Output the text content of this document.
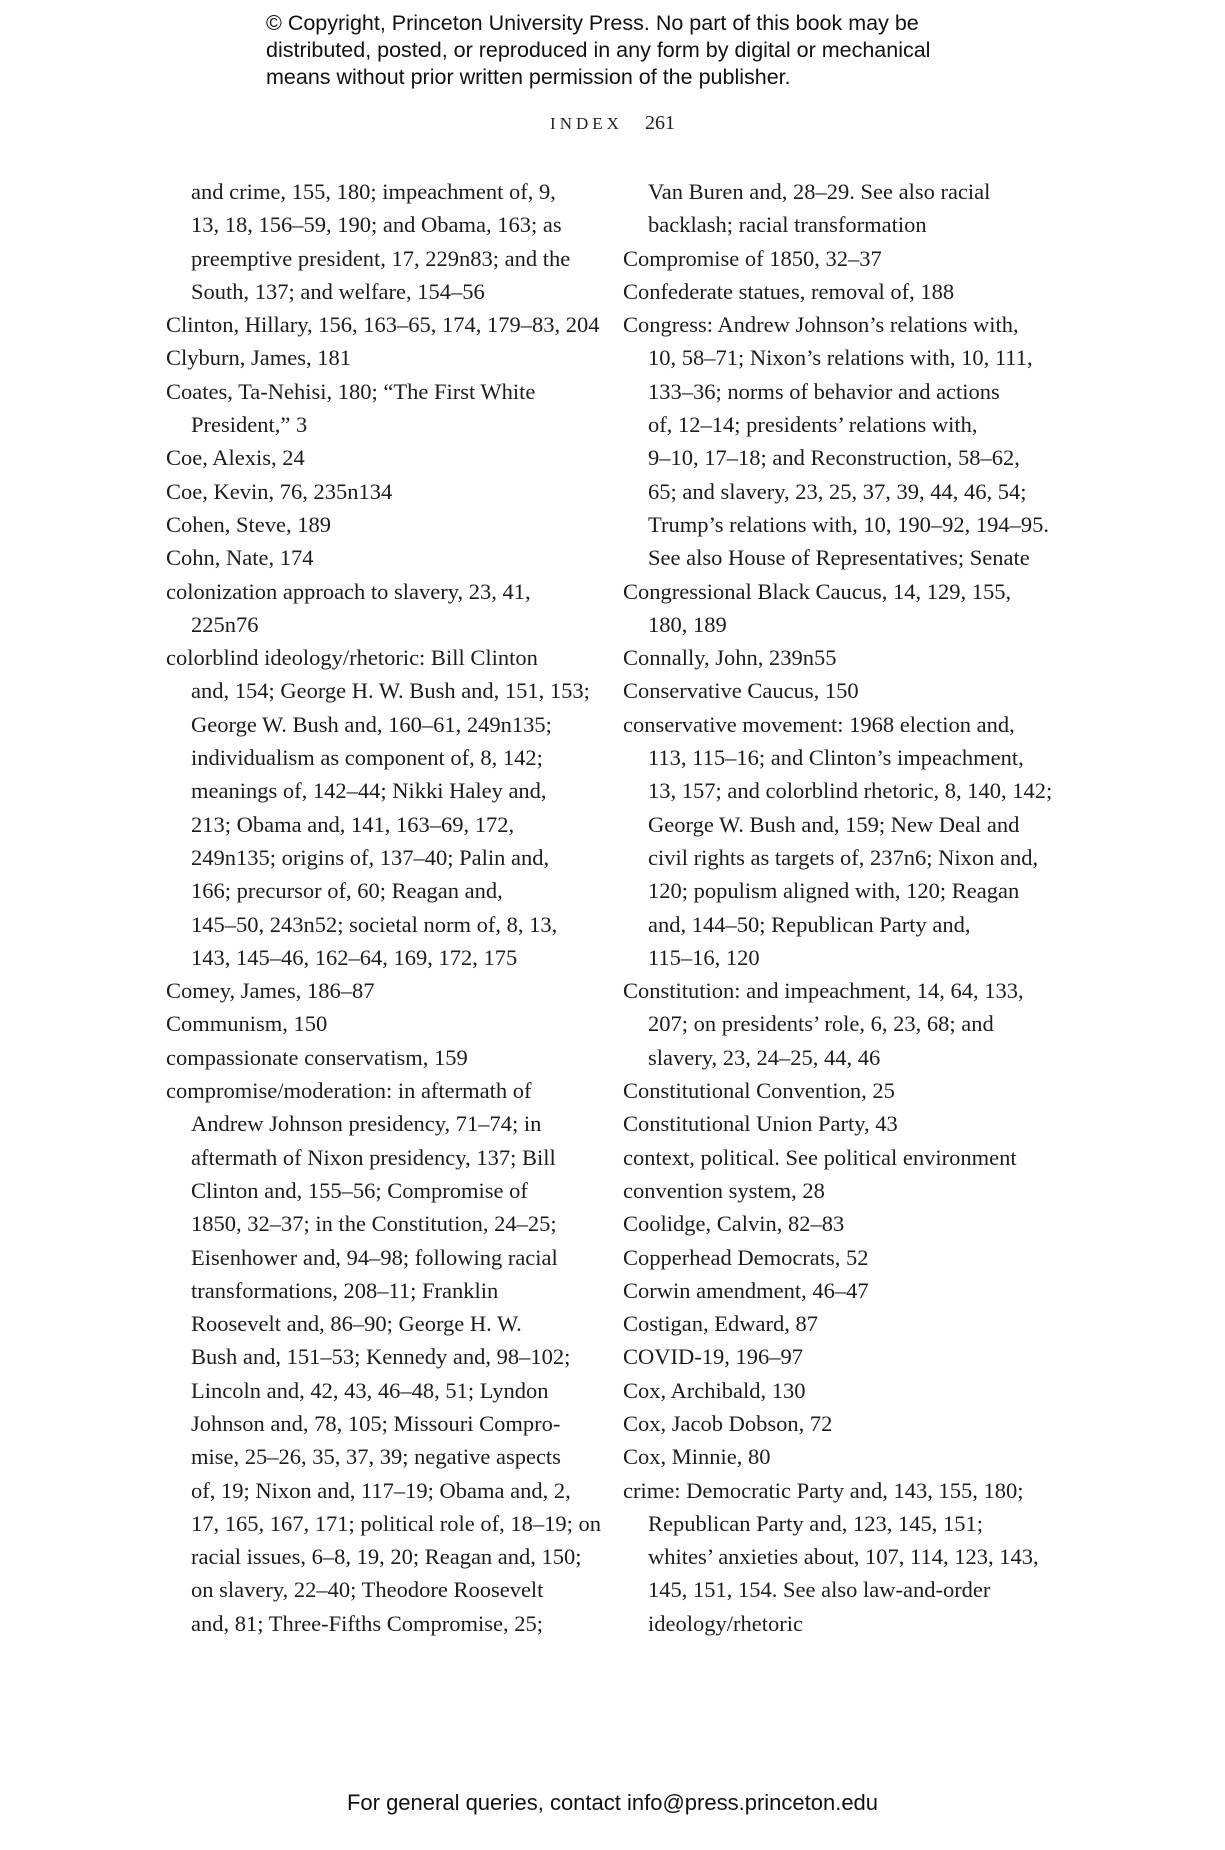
© Copyright, Princeton University Press. No part of this book may be
distributed, posted, or reproduced in any form by digital or mechanical
means without prior written permission of the publisher.
INDEX 261
and crime, 155, 180; impeachment of, 9,
13, 18, 156–59, 190; and Obama, 163; as
preemptive president, 17, 229n83; and the
South, 137; and welfare, 154–56
Clinton, Hillary, 156, 163–65, 174, 179–83, 204
Clyburn, James, 181
Coates, Ta-Nehisi, 180; “The First White
President,” 3
Coe, Alexis, 24
Coe, Kevin, 76, 235n134
Cohen, Steve, 189
Cohn, Nate, 174
colonization approach to slavery, 23, 41,
225n76
colorblind ideology/rhetoric: Bill Clinton
and, 154; George H. W. Bush and, 151, 153;
George W. Bush and, 160–61, 249n135;
individualism as component of, 8, 142;
meanings of, 142–44; Nikki Haley and,
213; Obama and, 141, 163–69, 172,
249n135; origins of, 137–40; Palin and,
166; precursor of, 60; Reagan and,
145–50, 243n52; societal norm of, 8, 13,
143, 145–46, 162–64, 169, 172, 175
Comey, James, 186–87
Communism, 150
compassionate conservatism, 159
compromise/moderation: in aftermath of
Andrew Johnson presidency, 71–74; in
aftermath of Nixon presidency, 137; Bill
Clinton and, 155–56; Compromise of
1850, 32–37; in the Constitution, 24–25;
Eisenhower and, 94–98; following racial
transformations, 208–11; Franklin
Roosevelt and, 86–90; George H. W.
Bush and, 151–53; Kennedy and, 98–102;
Lincoln and, 42, 43, 46–48, 51; Lyndon
Johnson and, 78, 105; Missouri Compro-
mise, 25–26, 35, 37, 39; negative aspects
of, 19; Nixon and, 117–19; Obama and, 2,
17, 165, 167, 171; political role of, 18–19; on
racial issues, 6–8, 19, 20; Reagan and, 150;
on slavery, 22–40; Theodore Roosevelt
and, 81; Three-Fifths Compromise, 25;
Van Buren and, 28–29. See also racial
backlash; racial transformation
Compromise of 1850, 32–37
Confederate statues, removal of, 188
Congress: Andrew Johnson’s relations with,
10, 58–71; Nixon’s relations with, 10, 111,
133–36; norms of behavior and actions
of, 12–14; presidents’ relations with,
9–10, 17–18; and Reconstruction, 58–62,
65; and slavery, 23, 25, 37, 39, 44, 46, 54;
Trump’s relations with, 10, 190–92, 194–95.
See also House of Representatives; Senate
Congressional Black Caucus, 14, 129, 155,
180, 189
Connally, John, 239n55
Conservative Caucus, 150
conservative movement: 1968 election and,
113, 115–16; and Clinton’s impeachment,
13, 157; and colorblind rhetoric, 8, 140, 142;
George W. Bush and, 159; New Deal and
civil rights as targets of, 237n6; Nixon and,
120; populism aligned with, 120; Reagan
and, 144–50; Republican Party and,
115–16, 120
Constitution: and impeachment, 14, 64, 133,
207; on presidents’ role, 6, 23, 68; and
slavery, 23, 24–25, 44, 46
Constitutional Convention, 25
Constitutional Union Party, 43
context, political. See political environment
convention system, 28
Coolidge, Calvin, 82–83
Copperhead Democrats, 52
Corwin amendment, 46–47
Costigan, Edward, 87
COVID-19, 196–97
Cox, Archibald, 130
Cox, Jacob Dobson, 72
Cox, Minnie, 80
crime: Democratic Party and, 143, 155, 180;
Republican Party and, 123, 145, 151;
whites’ anxieties about, 107, 114, 123, 143,
145, 151, 154. See also law-and-order
ideology/rhetoric
For general queries, contact info@press.princeton.edu
